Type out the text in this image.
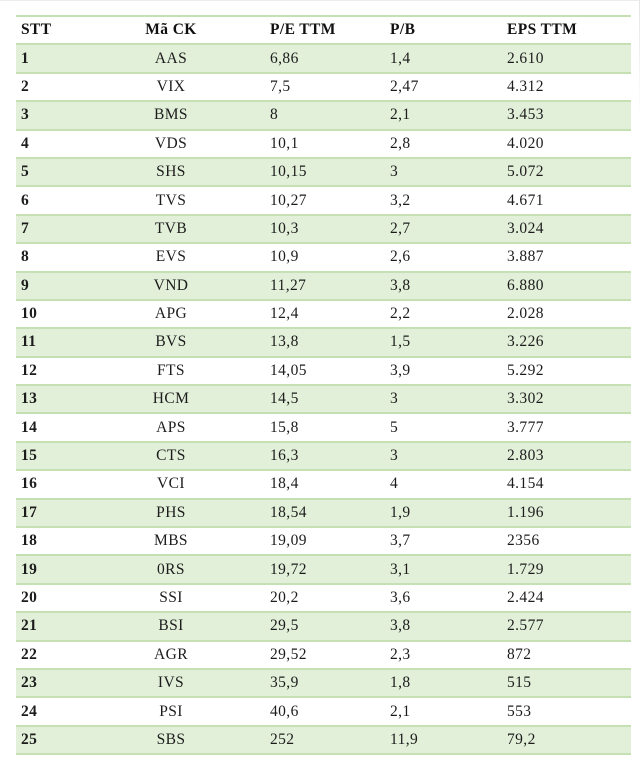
STT	Mã CK	P/E TTM	P/B	EPS TTM
1	AAS	6,86	1,4	2.610
2	VIX	7,5	2,47	4.312
3	BMS	8	2,1	3.453
4	VDS	10,1	2,8	4.020
5	SHS	10,15	3	5.072
6	TVS	10,27	3,2	4.671
7	TVB	10,3	2,7	3.024
8	EVS	10,9	2,6	3.887
9	VND	11,27	3,8	6.880
10	APG	12,4	2,2	2.028
11	BVS	13,8	1,5	3.226
12	FTS	14,05	3,9	5.292
13	HCM	14,5	3	3.302
14	APS	15,8	5	3.777
15	CTS	16,3	3	2.803
16	VCI	18,4	4	4.154
17	PHS	18,54	1,9	1.196
18	MBS	19,09	3,7	2356
19	0RS	19,72	3,1	1.729
20	SSI	20,2	3,6	2.424
21	BSI	29,5	3,8	2.577
22	AGR	29,52	2,3	872
23	IVS	35,9	1,8	515
24	PSI	40,6	2,1	553
25	SBS	252	11,9	79,2
